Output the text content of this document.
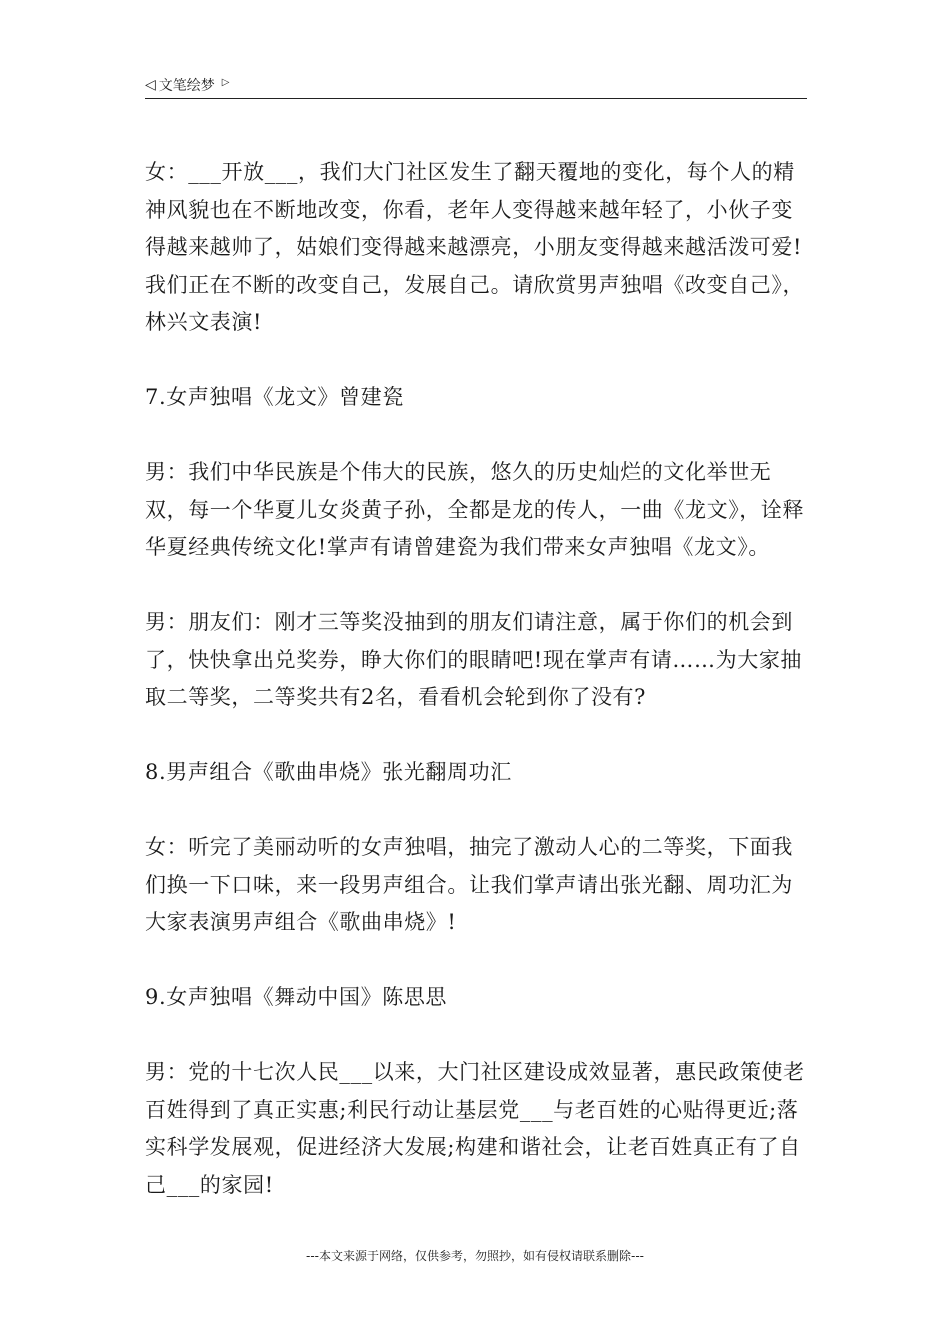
◁ 文笔绘梦 ▷

女：___开放___，我们大门社区发生了翻天覆地的变化，每个人的精神风貌也在不断地改变，你看，老年人变得越来越年轻了，小伙子变得越来越帅了，姑娘们变得越来越漂亮，小朋友变得越来越活泼可爱!我们正在不断的改变自己，发展自己。请欣赏男声独唱《改变自己》，林兴文表演!

7.女声独唱《龙文》曾建瓷

男：我们中华民族是个伟大的民族，悠久的历史灿烂的文化举世无双，每一个华夏儿女炎黄子孙，全都是龙的传人，一曲《龙文》，诠释华夏经典传统文化!掌声有请曾建瓷为我们带来女声独唱《龙文》。

男：朋友们：刚才三等奖没抽到的朋友们请注意，属于你们的机会到了，快快拿出兑奖券，睁大你们的眼睛吧!现在掌声有请……为大家抽取二等奖，二等奖共有2名，看看机会轮到你了没有?

8.男声组合《歌曲串烧》张光翻周功汇

女：听完了美丽动听的女声独唱，抽完了激动人心的二等奖，下面我们换一下口味，来一段男声组合。让我们掌声请出张光翻、周功汇为大家表演男声组合《歌曲串烧》!

9.女声独唱《舞动中国》陈思思

男：党的十七次人民___以来，大门社区建设成效显著，惠民政策使老百姓得到了真正实惠;利民行动让基层党___与老百姓的心贴得更近;落实科学发展观，促进经济大发展;构建和谐社会，让老百姓真正有了自己___的家园!

---本文来源于网络，仅供参考，勿照抄，如有侵权请联系删除---
